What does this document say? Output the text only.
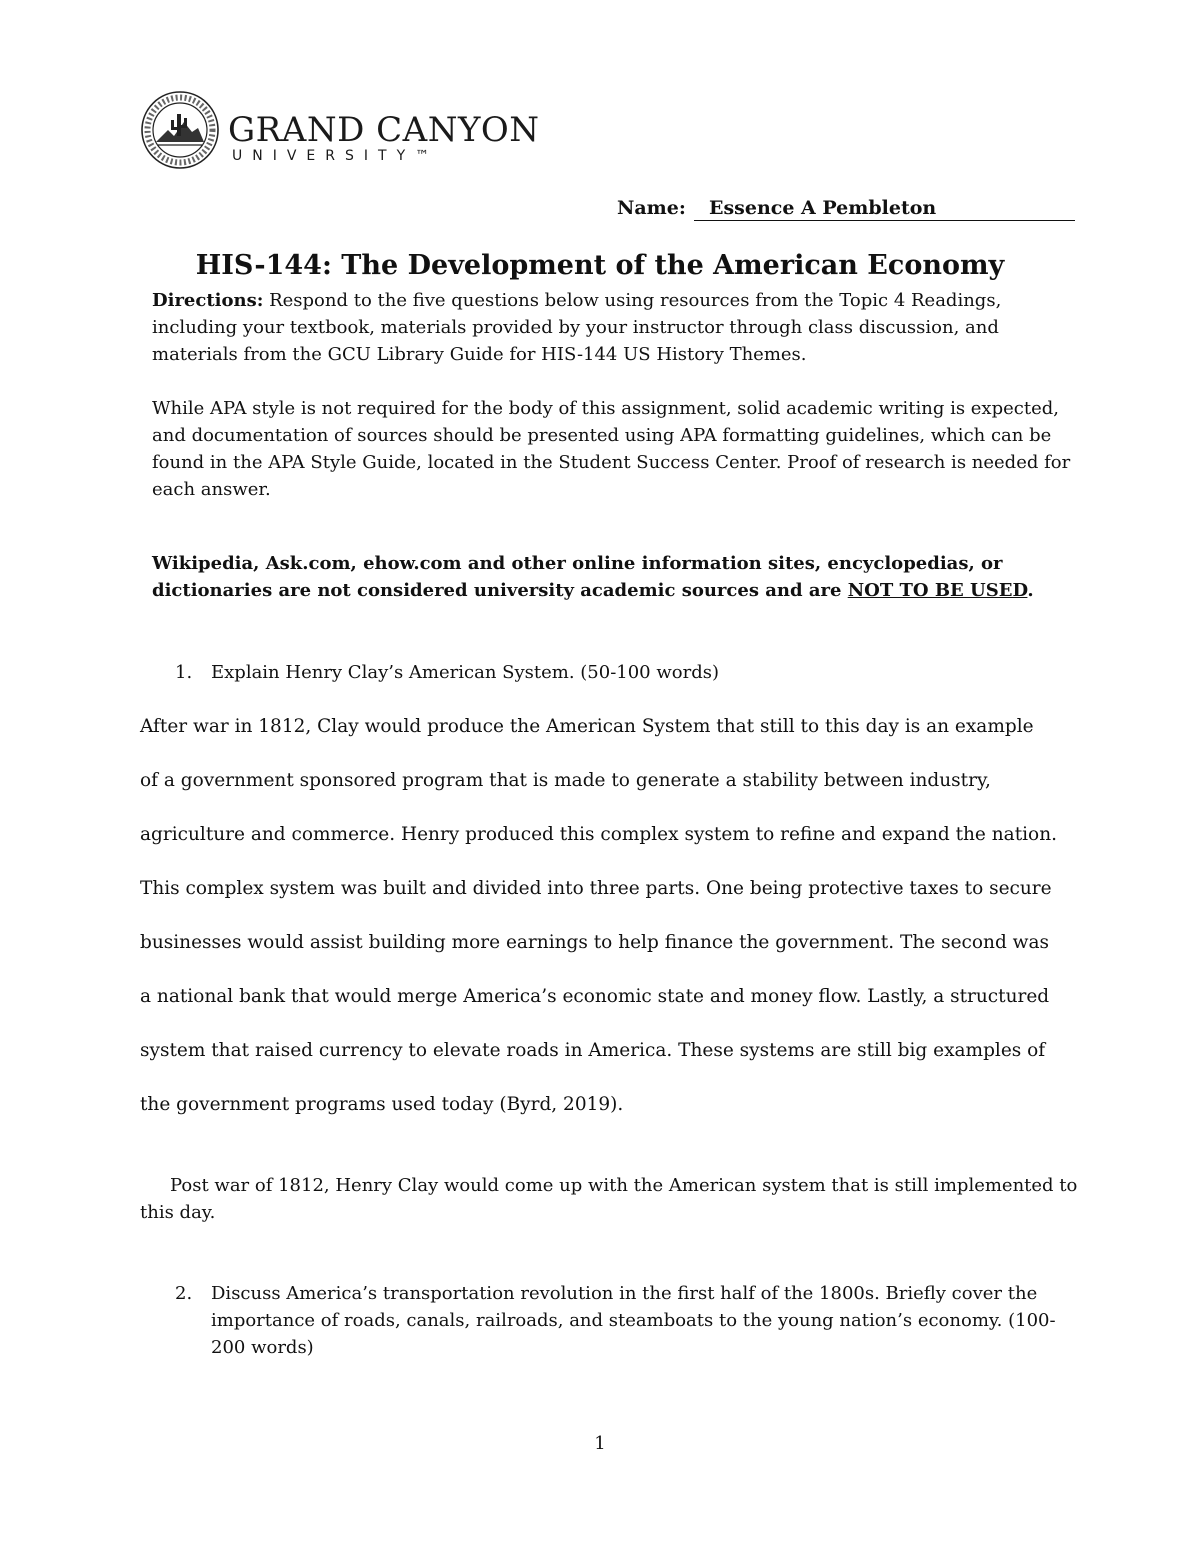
GRAND CANYON
UNIVERSITY™
Name:	Essence A Pembleton
HIS-144: The Development of the American Economy
Directions: Respond to the five questions below using resources from the Topic 4 Readings, including your textbook, materials provided by your instructor through class discussion, and materials from the GCU Library Guide for HIS-144 US History Themes.
While APA style is not required for the body of this assignment, solid academic writing is expected, and documentation of sources should be presented using APA formatting guidelines, which can be found in the APA Style Guide, located in the Student Success Center. Proof of research is needed for each answer.
Wikipedia, Ask.com, ehow.com and other online information sites, encyclopedias, or dictionaries are not considered university academic sources and are NOT TO BE USED.
1. Explain Henry Clay’s American System. (50-100 words)
After war in 1812, Clay would produce the American System that still to this day is an example
of a government sponsored program that is made to generate a stability between industry,
agriculture and commerce. Henry produced this complex system to refine and expand the nation.
This complex system was built and divided into three parts. One being protective taxes to secure
businesses would assist building more earnings to help finance the government. The second was
a national bank that would merge America’s economic state and money flow. Lastly, a structured
system that raised currency to elevate roads in America. These systems are still big examples of
the government programs used today (Byrd, 2019).
Post war of 1812, Henry Clay would come up with the American system that is still implemented to this day.
2. Discuss America’s transportation revolution in the first half of the 1800s. Briefly cover the importance of roads, canals, railroads, and steamboats to the young nation’s economy. (100-200 words)
1
